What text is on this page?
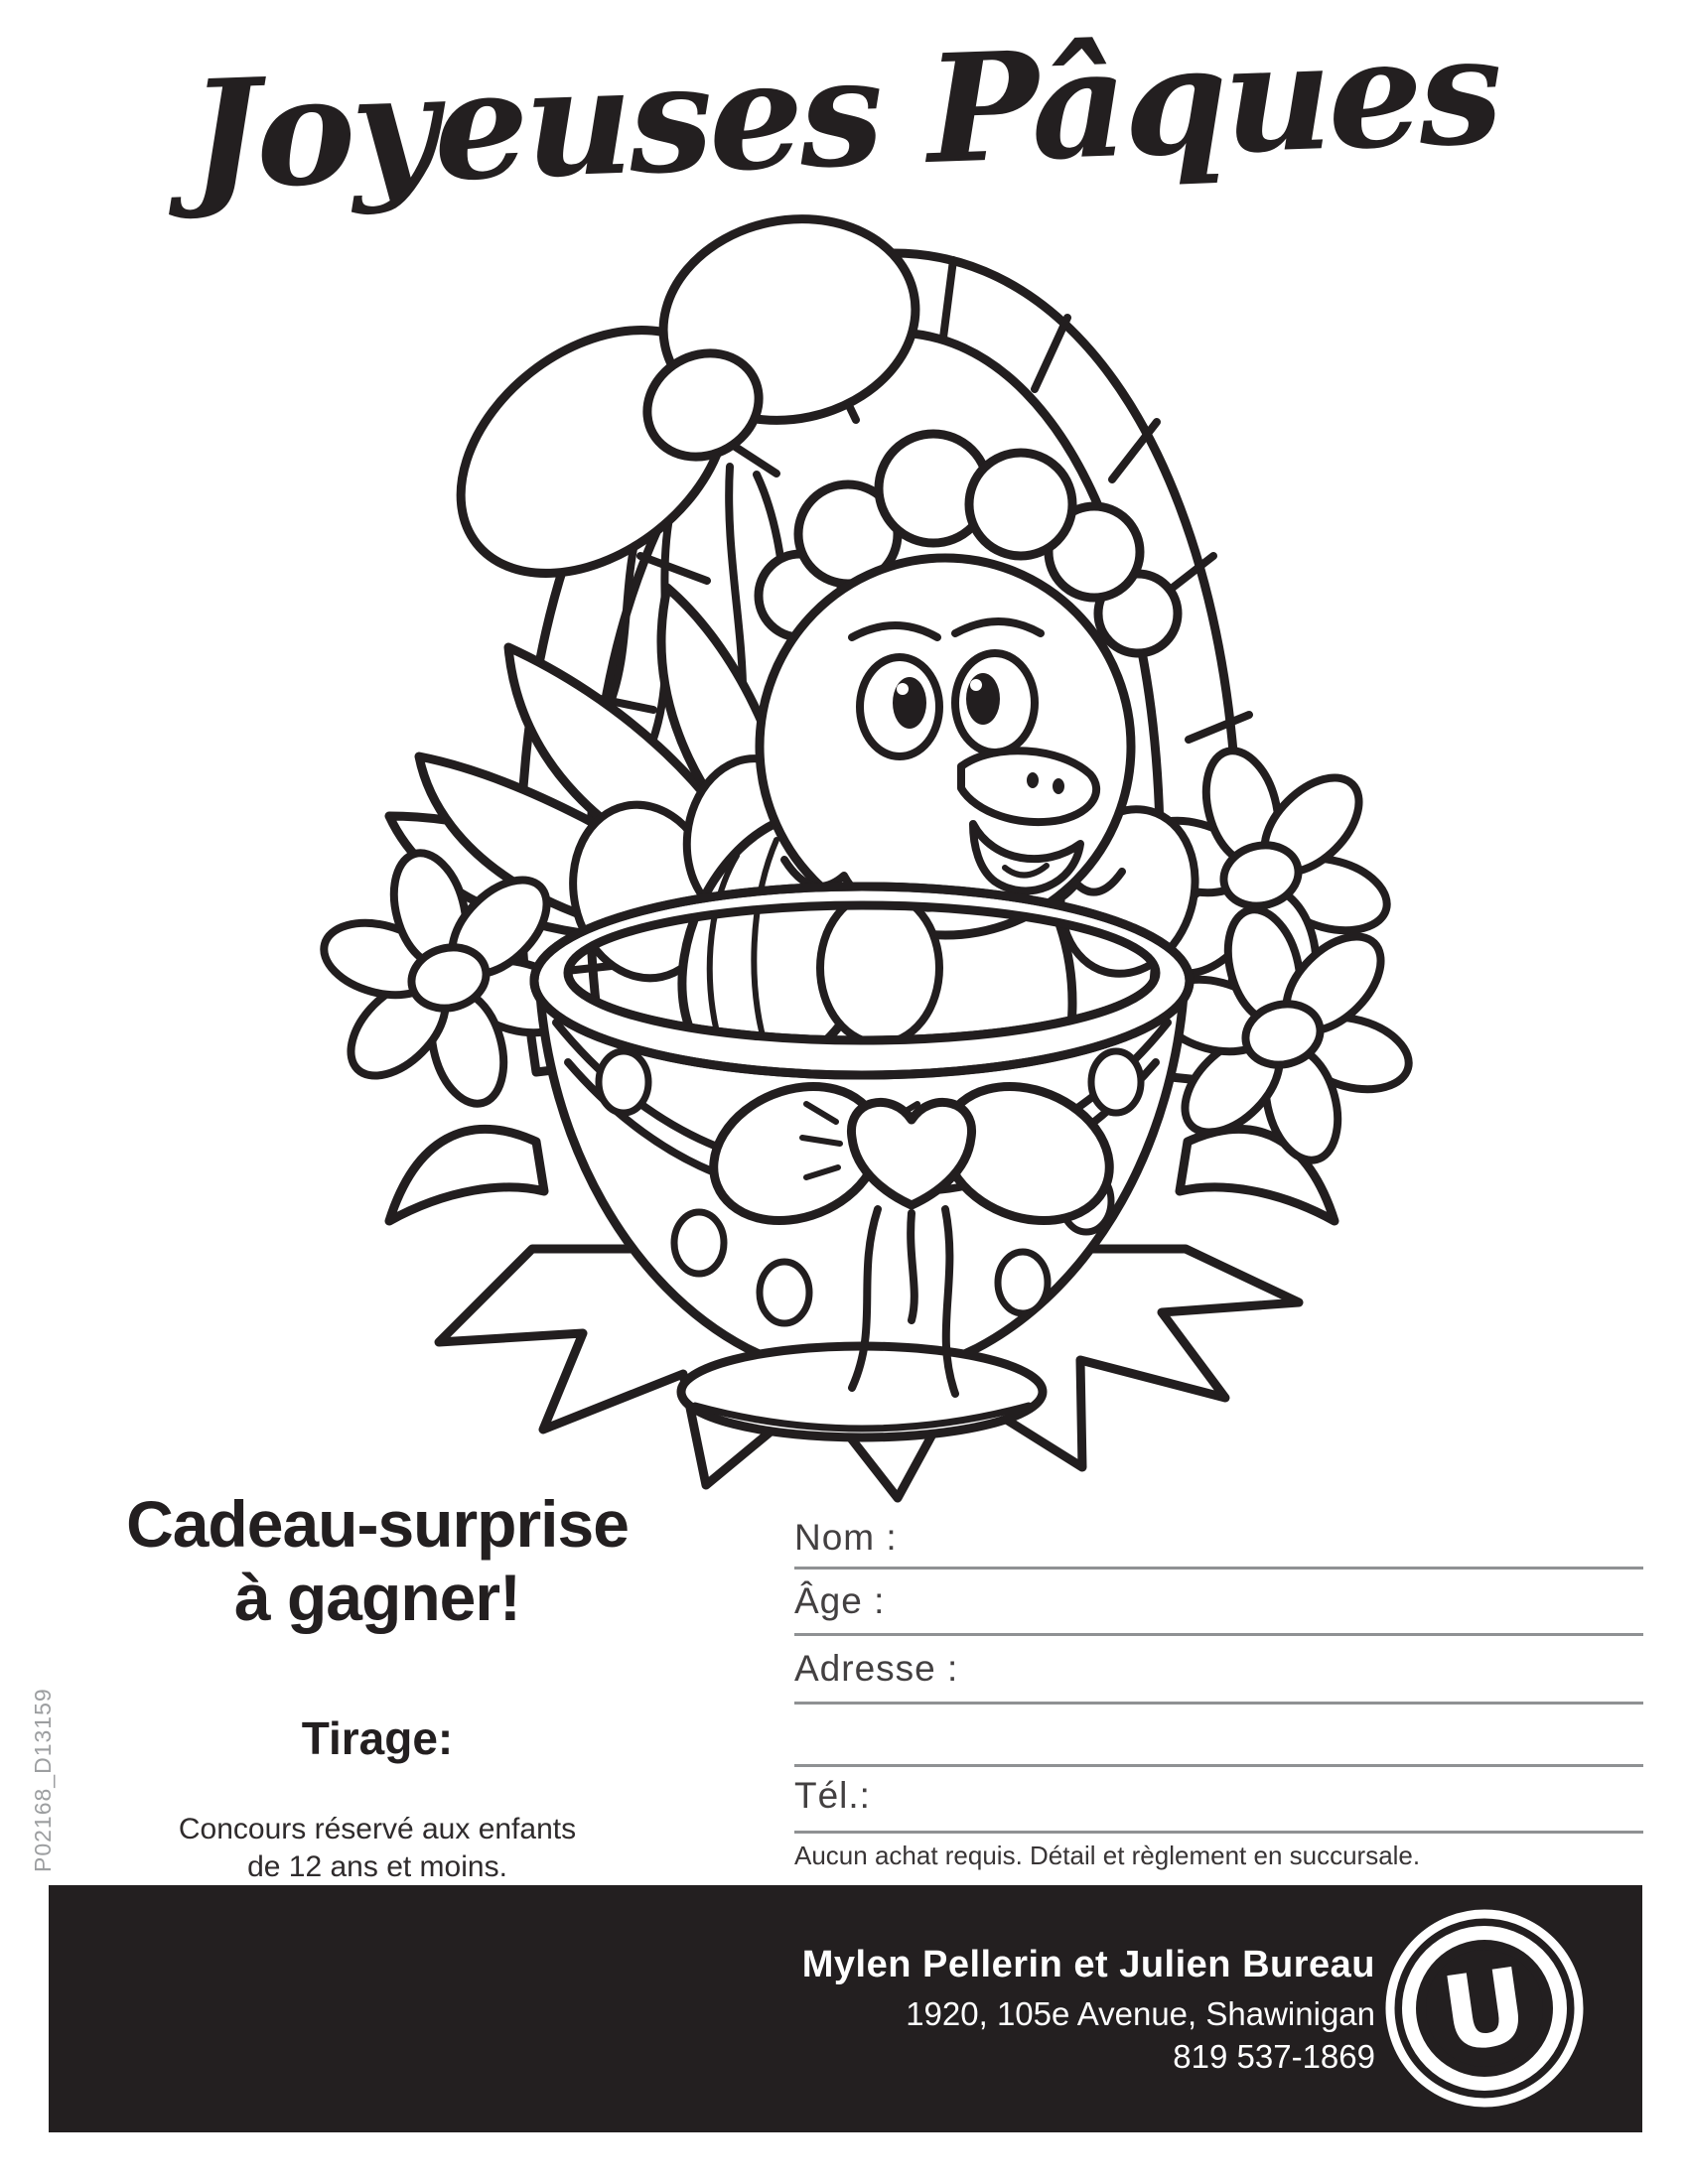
Joyeuses Pâques
Cadeau-surprise
à gagner!
Tirage:
Concours réservé aux enfants
de 12 ans et moins.
Nom :
Âge :
Adresse :
Tél.:
Aucun achat requis. Détail et règlement en succursale.
P02168_D13159
Mylen Pellerin et Julien Bureau
1920, 105e Avenue, Shawinigan
819 537-1869 U
